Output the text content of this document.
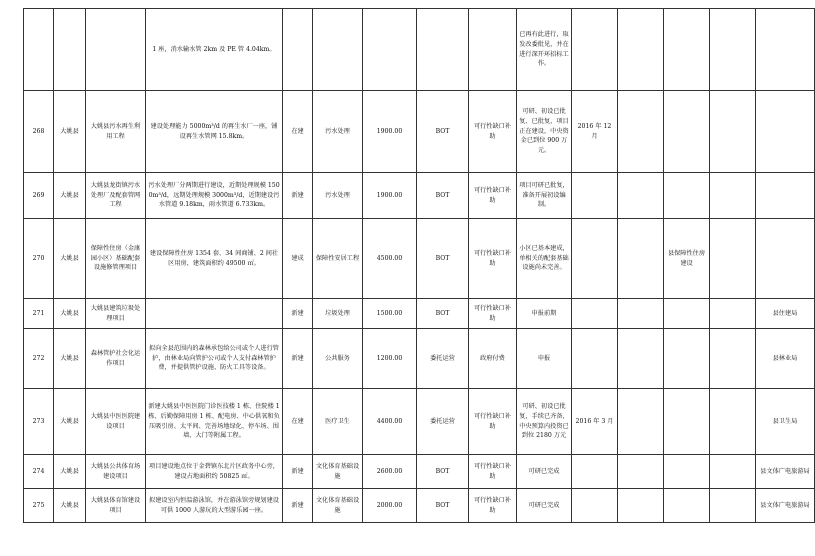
			1 座，消水输水管 2km 及 PE 管 4.04km。						已再有此进行，取发改委批见，并在进行深开环招标工作。					
268	大姚县	大姚县污水再生利用工程	建设处理能力 5000m³/d 的再生水厂一座，铺设再生水管网 15.8km。	在建	污水处理	1900.00	BOT	可行性缺口补助	可研、初设已批复、已批复，项目正在建设，中央资金已到位 900 万元。	2016 年 12 月				
269	大姚县	大姚县龙街镇污水处理厂及配套管网工程	污水处理厂分两期进行建设，近期处理规模 1500m³/d，远期处理规模 3000m³/d，近期建设污水管道 9.18km，雨水管道 6.733km。	新建	污水处理	1900.00	BOT	可行性缺口补助	项目可研已批复，准备开展初设编制。					
270	大姚县	保障性住房（金康园小区）基础配套设施修管理项目	建设保障性住房 1354 套、34 间商铺、2 间社区用房，建筑面积约 49500 ㎡。	建成	保障性安居工程	4500.00	BOT	可行性缺口补助	小区已基本建成，单相关的配套基础设施尚未完善。			县保障性住房建设		
271	大姚县	大姚县建筑垃圾处理项目		新建	垃圾处理	1500.00	BOT	可行性缺口补助	申报前期					县住建局
272	大姚县	森林管护社会化运作项目	拟向全县范围内的森林承包给公司或个人进行管护，由林业局向管护公司或个人支付森林管护费，并提供管护设施、防火工具等设备。	新建	公共服务	1200.00	委托运营	政府付费	申报					县林业局
273	大姚县	大姚县中医医院建设项目	新建大姚县中医医院门诊医技楼 1 栋、住院楼 1 栋、后勤保障用房 1 栋、配电房、中心供氧和负压吸引房、太平间、完善场地绿化、停车场、围墙、大门等附属工程。	在建	医疗卫生	4400.00	委托运营	可行性缺口补助	可研、初设已批复，手续已齐备，中央预算内投资已到位 2180 万元	2016 年 3 月				县卫生局
274	大姚县	大姚县公共体育场建设项目	项目建设地点位于金碧镇东北片区政务中心旁，建设占地面积约 50825 ㎡。	新建	文化体育基础设施	2600.00	BOT	可行性缺口补助	可研已完成					县文体广电旅游局
275	大姚县	大姚县体育馆建设项目	拟建设室内恒温游泳馆，并在游泳馆旁规划建设可供 1000 人游玩的大型游乐园一座。	新建	文化体育基础设施	2000.00	BOT	可行性缺口补助	可研已完成					县文体广电旅游局
